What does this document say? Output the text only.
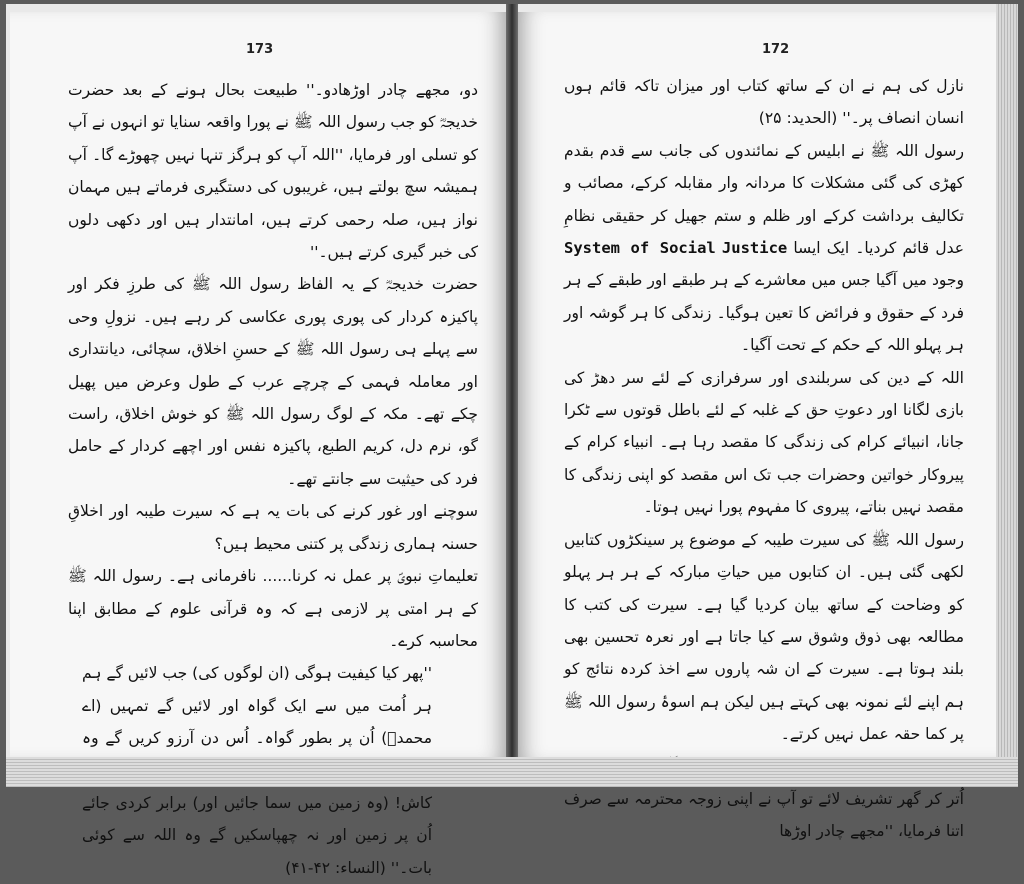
173

دو، مجھے چادر اوڑھادو۔'' طبیعت بحال ہونے کے بعد حضرت خدیجہؓ کو جب رسول اللہ ﷺ نے پورا واقعہ سنایا تو انہوں نے آپ کو تسلی اور فرمایا، ''اللہ آپ کو ہرگز تنہا نہیں چھوڑے گا۔ آپ ہمیشہ سچ بولتے ہیں، غریبوں کی دستگیری فرماتے ہیں مہمان نواز ہیں، صلہ رحمی کرتے ہیں، امانتدار ہیں اور دکھی دلوں کی خبر گیری کرتے ہیں۔''

حضرت خدیجہؓ کے یہ الفاظ رسول اللہ ﷺ کی طرزِ فکر اور پاکیزہ کردار کی پوری پوری عکاسی کر رہے ہیں۔ نزولِ وحی سے پہلے ہی رسول اللہ ﷺ کے حسنِ اخلاق، سچائی، دیانتداری اور معاملہ فہمی کے چرچے عرب کے طول وعرض میں پھیل چکے تھے۔ مکہ کے لوگ رسول اللہ ﷺ کو خوش اخلاق، راست گو، نرم دل، کریم الطبع، پاکیزہ نفس اور اچھے کردار کے حامل فرد کی حیثیت سے جانتے تھے۔

سوچنے اور غور کرنے کی بات یہ ہے کہ سیرت طیبہ اور اخلاقِ حسنہ ہماری زندگی پر کتنی محیط ہیں؟

تعلیماتِ نبویؐ پر عمل نہ کرنا...... نافرمانی ہے۔ رسول اللہ ﷺ کے ہر امتی پر لازمی ہے کہ وہ قرآنی علوم کے مطابق اپنا محاسبہ کرے۔

''پھر کیا کیفیت ہوگی (ان لوگوں کی) جب لائیں گے ہم ہر اُمت میں سے ایک گواہ اور لائیں گے تمہیں (اے محمدؐ) اُن پر بطور گواہ۔ اُس دن آرزو کریں گے وہ کاش! (وہ زمین میں سما جائیں اور) برابر کردی جائے اُن پر زمین اور نہ چھپاسکیں گے وہ اللہ سے کوئی بات۔'' (النساء: ۴۲-۴۱)

172

نازل کی ہم نے ان کے ساتھ کتاب اور میزان تاکہ قائم ہوں انسان انصاف پر۔'' (الحدید: ۲۵)

رسول اللہ ﷺ نے ابلیس کے نمائندوں کی جانب سے قدم بقدم کھڑی کی گئی مشکلات کا مردانہ وار مقابلہ کرکے، مصائب و تکالیف برداشت کرکے اور ظلم و ستم جھیل کر حقیقی نظامِ عدل قائم کردیا۔ ایک ایسا System of Social Justice وجود میں آگیا جس میں معاشرے کے ہر طبقے اور طبقے کے ہر فرد کے حقوق و فرائض کا تعین ہوگیا۔ زندگی کا ہر گوشہ اور ہر پہلو اللہ کے حکم کے تحت آگیا۔

اللہ کے دین کی سربلندی اور سرفرازی کے لئے سر دھڑ کی بازی لگانا اور دعوتِ حق کے غلبہ کے لئے باطل قوتوں سے ٹکرا جانا، انبیائے کرام کی زندگی کا مقصد رہا ہے۔ انبیاء کرام کے پیروکار خواتین وحضرات جب تک اس مقصد کو اپنی زندگی کا مقصد نہیں بناتے، پیروی کا مفہوم پورا نہیں ہوتا۔

رسول اللہ ﷺ کی سیرت طیبہ کے موضوع پر سینکڑوں کتابیں لکھی گئی ہیں۔ ان کتابوں میں حیاتِ مبارکہ کے ہر ہر پہلو کو وضاحت کے ساتھ بیان کردیا گیا ہے۔ سیرت کی کتب کا مطالعہ بھی ذوق وشوق سے کیا جاتا ہے اور نعرہ تحسین بھی بلند ہوتا ہے۔ سیرت کے ان شہ پاروں سے اخذ کردہ نتائج کو ہم اپنے لئے نمونہ بھی کہتے ہیں لیکن ہم اسوۂ رسول اللہ ﷺ پر کما حقہ عمل نہیں کرتے۔

اُتر کر گھر تشریف لائے تو آپ نے اپنی زوجہ محترمہ سے صرف اتنا فرمایا، ''مجھے چادر اوڑھا
